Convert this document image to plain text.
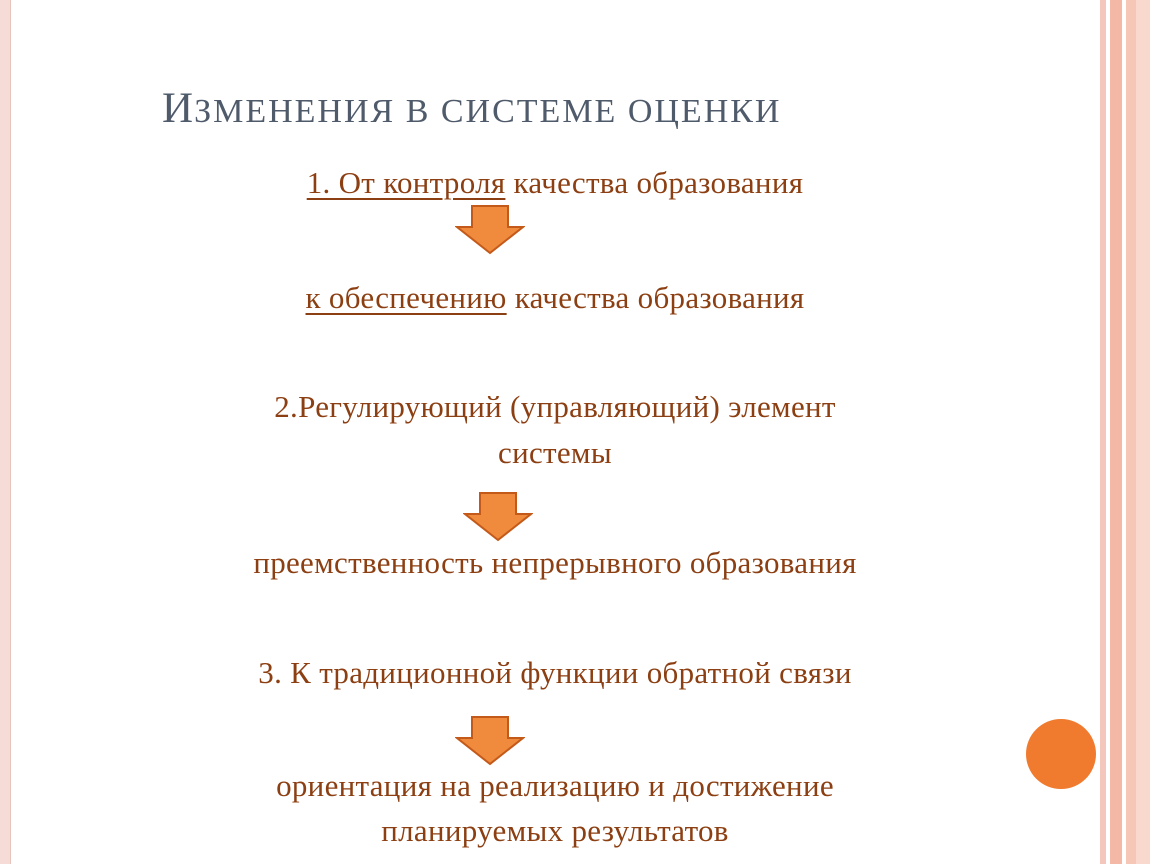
ИЗМЕНЕНИЯ В СИСТЕМЕ ОЦЕНКИ
1. От контроля качества образования
к обеспечению качества образования
2.Регулирующий (управляющий) элемент
системы
преемственность непрерывного образования
3. К традиционной функции обратной связи
ориентация на реализацию и достижение
планируемых результатов
